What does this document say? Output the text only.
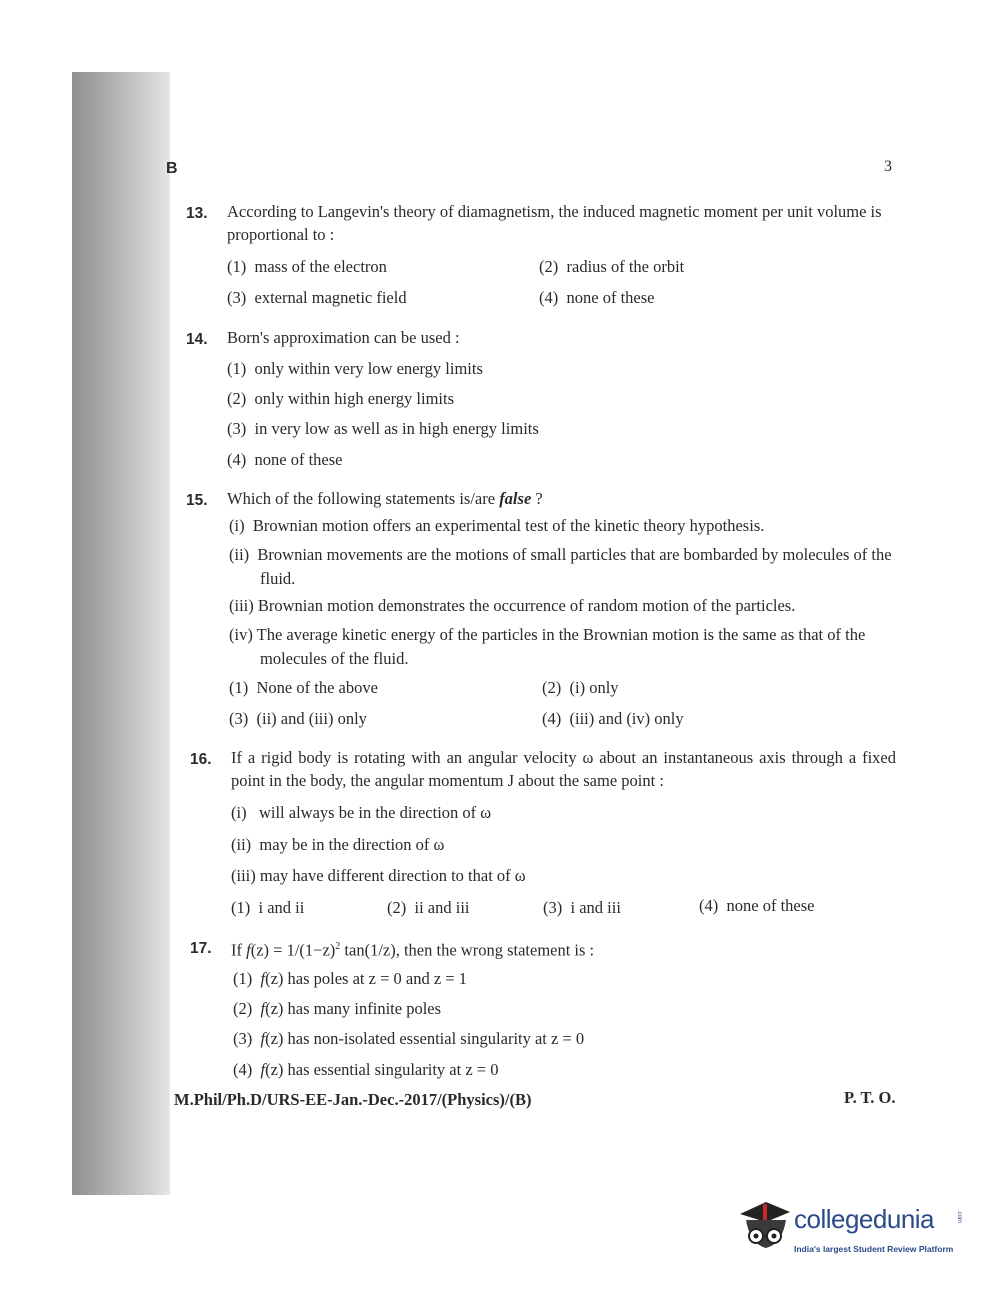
B	3
13. According to Langevin's theory of diamagnetism, the induced magnetic moment per unit volume is proportional to :
(1) mass of the electron	(2) radius of the orbit
(3) external magnetic field	(4) none of these
14. Born's approximation can be used :
(1) only within very low energy limits
(2) only within high energy limits
(3) in very low as well as in high energy limits
(4) none of these
15. Which of the following statements is/are false ?
(i) Brownian motion offers an experimental test of the kinetic theory hypothesis.
(ii) Brownian movements are the motions of small particles that are bombarded by molecules of the fluid.
(iii) Brownian motion demonstrates the occurrence of random motion of the particles.
(iv) The average kinetic energy of the particles in the Brownian motion is the same as that of the molecules of the fluid.
(1) None of the above	(2) (i) only
(3) (ii) and (iii) only	(4) (iii) and (iv) only
16. If a rigid body is rotating with an angular velocity ω about an instantaneous axis through a fixed point in the body, the angular momentum J about the same point :
(i) will always be in the direction of ω
(ii) may be in the direction of ω
(iii) may have different direction to that of ω
(1) i and ii	(2) ii and iii	(3) i and iii	(4) none of these
17. If $f(z) = 1/(1-z)^2$ tan(1/z), then the wrong statement is :
(1) f(z) has poles at z = 0 and z = 1
(2) f(z) has many infinite poles
(3) f(z) has non-isolated essential singularity at z = 0
(4) f(z) has essential singularity at z = 0
M.Phil/Ph.D/URS-EE-Jan.-Dec.-2017/(Physics)/(B)	P. T. O.
collegedunia	.com
India's largest Student Review Platform
